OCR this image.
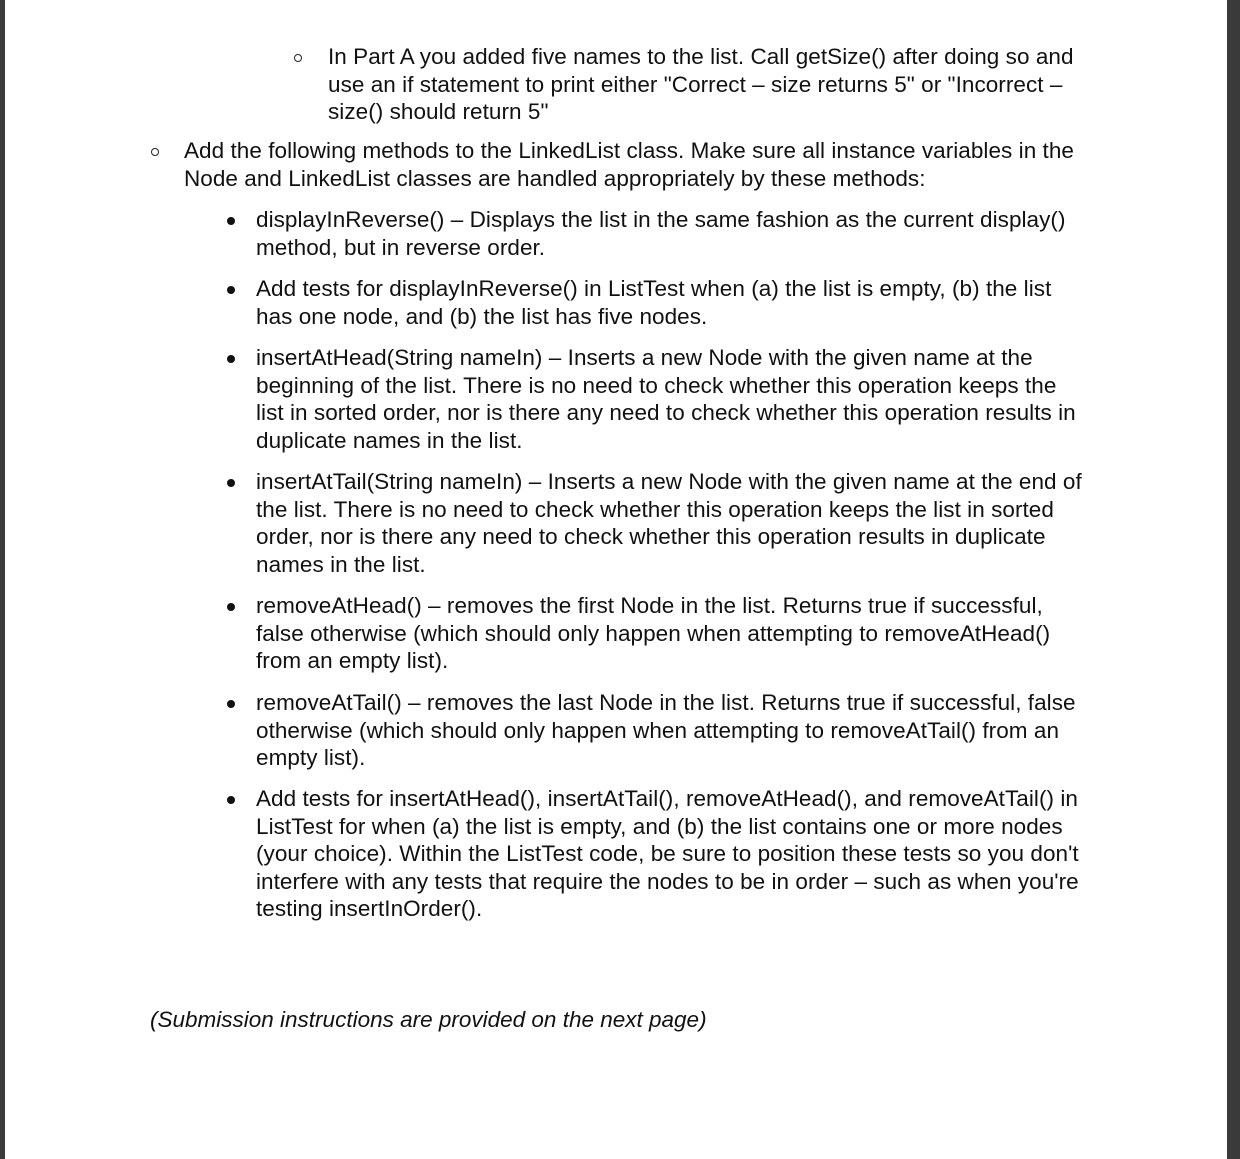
In Part A you added five names to the list. Call getSize() after doing so and use an if statement to print either "Correct – size returns 5" or "Incorrect – size() should return 5"
Add the following methods to the LinkedList class. Make sure all instance variables in the Node and LinkedList classes are handled appropriately by these methods:
displayInReverse() – Displays the list in the same fashion as the current display() method, but in reverse order.
Add tests for displayInReverse() in ListTest when (a) the list is empty, (b) the list has one node, and (b) the list has five nodes.
insertAtHead(String nameIn) – Inserts a new Node with the given name at the beginning of the list. There is no need to check whether this operation keeps the list in sorted order, nor is there any need to check whether this operation results in duplicate names in the list.
insertAtTail(String nameIn) – Inserts a new Node with the given name at the end of the list. There is no need to check whether this operation keeps the list in sorted order, nor is there any need to check whether this operation results in duplicate names in the list.
removeAtHead() – removes the first Node in the list. Returns true if successful, false otherwise (which should only happen when attempting to removeAtHead() from an empty list).
removeAtTail() – removes the last Node in the list. Returns true if successful, false otherwise (which should only happen when attempting to removeAtTail() from an empty list).
Add tests for insertAtHead(), insertAtTail(), removeAtHead(), and removeAtTail() in ListTest for when (a) the list is empty, and (b) the list contains one or more nodes (your choice). Within the ListTest code, be sure to position these tests so you don't interfere with any tests that require the nodes to be in order – such as when you're testing insertInOrder().
(Submission instructions are provided on the next page)
